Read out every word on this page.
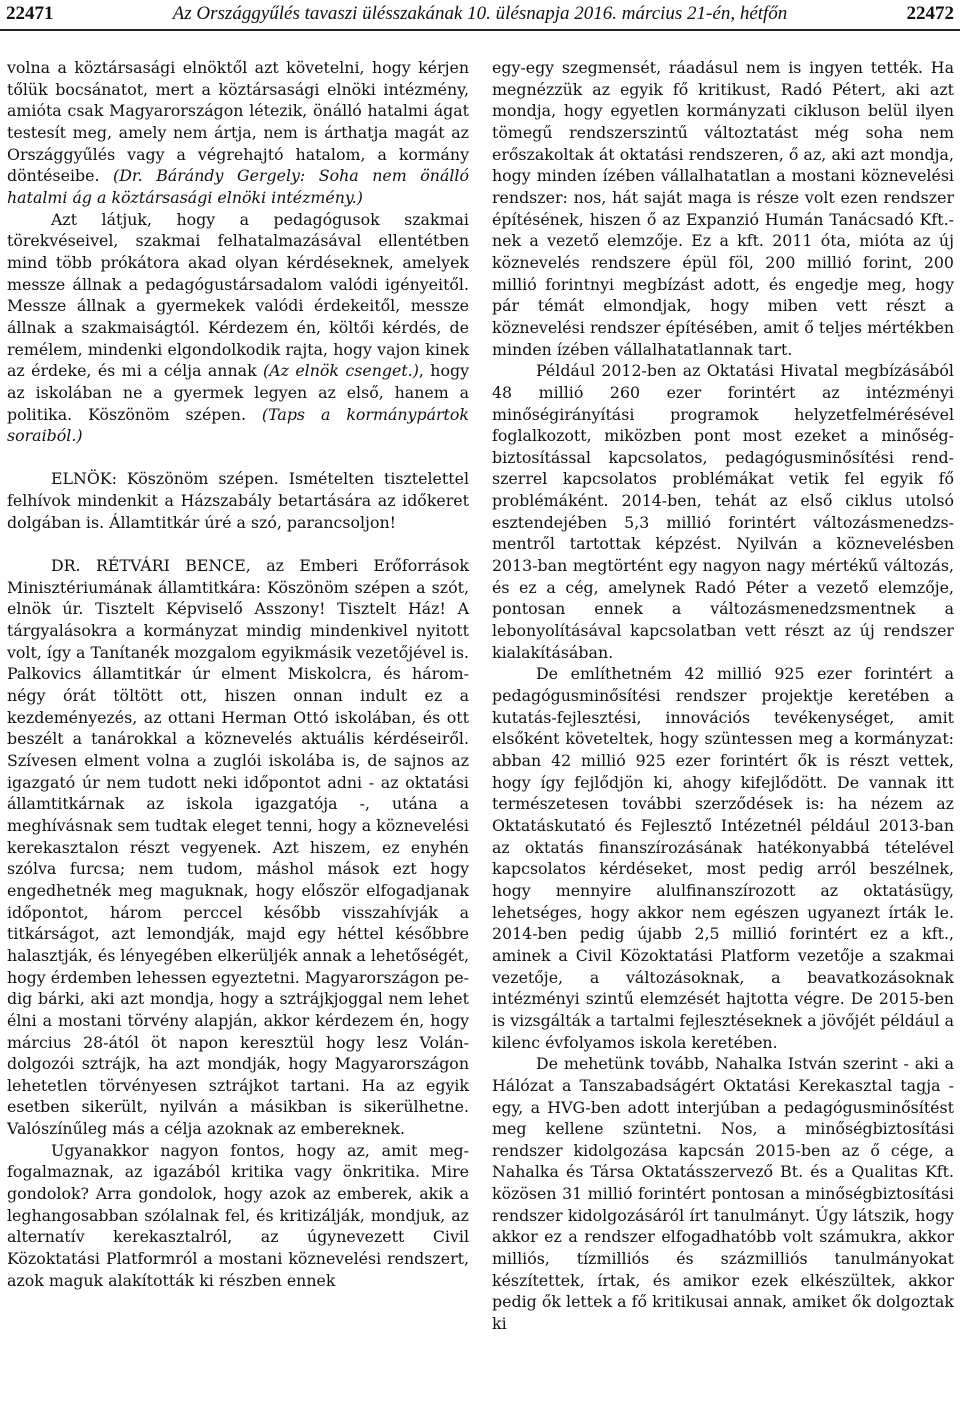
22471	Az Országgyűlés tavaszi ülésszakának 10. ülésnapja 2016. március 21-én, hétfőn	22472

volna a köztársasági elnöktől azt követelni, hogy kérjen tőlük bocsánatot, mert a köztársasági elnöki intézmény, amióta csak Magyarországon létezik, önálló hatalmi ágat testesít meg, amely nem ártja, nem is árthatja magát az Országgyűlés vagy a végrehajtó hatalom, a kormány döntéseibe. (Dr. Bárándy Gergely: Soha nem önálló hatalmi ág a köztársasági elnöki intézmény.)

Azt látjuk, hogy a pedagógusok szakmai törekvéseivel, szakmai felhatalmazásával ellentétben mind több prókátora akad olyan kérdéseknek, amelyek messze állnak a pedagógustársadalom valódi igényeitől. Messze állnak a gyermekek valódi érdekeitől, messze állnak a szakmaiságtól. Kérdezem én, költői kérdés, de remélem, mindenki elgondolkodik rajta, hogy vajon kinek az érdeke, és mi a célja annak (Az elnök csenget.), hogy az iskolában ne a gyermek legyen az első, hanem a politika. Köszönöm szépen. (Taps a kormánypártok soraiból.)

ELNÖK: Köszönöm szépen. Ismételten tisztelettel felhívok mindenkit a Házszabály betartására az időkeret dolgában is. Államtitkár úré a szó, parancsoljon!

DR. RÉTVÁRI BENCE, az Emberi Erőforrások Minisztériumának államtitkára: Köszönöm szépen a szót, elnök úr. Tisztelt Képviselő Asszony! Tisztelt Ház! A tárgyalásokra a kormányzat mindig mindenkivel nyitott volt, így a Tanítanék mozgalom egyikmásik vezetőjével is. Palkovics államtitkár úr elment Miskolcra, és három-négy órát töltött ott, hiszen onnan indult ez a kezdeményezés, az ottani Herman Ottó iskolában, és ott beszélt a tanárokkal a köznevelés aktuális kérdéseiről. Szívesen elment volna a zuglói iskolába is, de sajnos az igazgató úr nem tudott neki időpontot adni - az oktatási államtitkárnak az iskola igazgatója -, utána a meghívásnak sem tudtak eleget tenni, hogy a köznevelési kerekasztalon részt vegyenek. Azt hiszem, ez enyhén szólva furcsa; nem tudom, máshol mások ezt hogy engedhetnék meg maguknak, hogy először elfogadjanak időpontot, három perccel később visszahívják a titkárságot, azt lemondják, majd egy héttel későbbre halasztják, és lényegében elkerüljék annak a lehetőségét, hogy érdemben lehessen egyeztetni. Magyarországon pedig bárki, aki azt mondja, hogy a sztrájkjoggal nem lehet élni a mostani törvény alapján, akkor kérdezem én, hogy március 28-ától öt napon keresztül hogy lesz Volán-dolgozói sztrájk, ha azt mondják, hogy Magyarországon lehetetlen törvényesen sztrájkot tartani. Ha az egyik esetben sikerült, nyilván a másikban is sikerülhetne. Valószínűleg más a célja azoknak az embereknek.

Ugyanakkor nagyon fontos, hogy az, amit megfogalmaznak, az igazából kritika vagy önkritika. Mire gondolok? Arra gondolok, hogy azok az emberek, akik a leghangosabban szólalnak fel, és kritizálják, mondjuk, az alternatív kerekasztalról, az úgynevezett Civil Közoktatási Platformról a mostani köznevelési rendszert, azok maguk alakították ki részben ennek

egy-egy szegmensét, ráadásul nem is ingyen tették. Ha megnézzük az egyik fő kritikust, Radó Pétert, aki azt mondja, hogy egyetlen kormányzati cikluson belül ilyen tömegű rendszerszintű változtatást még soha nem erőszakoltak át oktatási rendszeren, ő az, aki azt mondja, hogy minden ízében vállalhatatlan a mostani köznevelési rendszer: nos, hát saját maga is része volt ezen rendszer építésének, hiszen ő az Expanzió Humán Tanácsadó Kft.-nek a vezető elemzője. Ez a kft. 2011 óta, mióta az új köznevelés rendszere épül föl, 200 millió forint, 200 millió forintnyi megbízást adott, és engedje meg, hogy pár témát elmondjak, hogy miben vett részt a köznevelési rendszer építésében, amit ő teljes mértékben minden ízében vállalhatatlannak tart.

Például 2012-ben az Oktatási Hivatal megbízásából 48 millió 260 ezer forintért az intézményi minőségirányítási programok helyzetfelmérésével foglalkozott, miközben pont most ezeket a minőségbiztosítással kapcsolatos, pedagógusminősítési rendszerrel kapcsolatos problémákat vetik fel egyik fő problémáként. 2014-ben, tehát az első ciklus utolsó esztendejében 5,3 millió forintért változásmenedzsmentről tartottak képzést. Nyilván a köznevelésben 2013-ban megtörtént egy nagyon nagy mértékű változás, és ez a cég, amelynek Radó Péter a vezető elemzője, pontosan ennek a változásmenedzsmentnek a lebonyolításával kapcsolatban vett részt az új rendszer kialakításában.

De említhetném 42 millió 925 ezer forintért a pedagógusminősítési rendszer projektje keretében a kutatás-fejlesztési, innovációs tevékenységet, amit elsőként követeltek, hogy szüntessen meg a kormányzat: abban 42 millió 925 ezer forintért ők is részt vettek, hogy így fejlődjön ki, ahogy kifejlődött. De vannak itt természetesen további szerződések is: ha nézem az Oktatáskutató és Fejlesztő Intézetnél például 2013-ban az oktatás finanszírozásának hatékonyabbá tételével kapcsolatos kérdéseket, most pedig arról beszélnek, hogy mennyire alulfinanszírozott az oktatásügy, lehetséges, hogy akkor nem egészen ugyanezt írták le. 2014-ben pedig újabb 2,5 millió forintért ez a kft., aminek a Civil Közoktatási Platform vezetője a szakmai vezetője, a változásoknak, a beavatkozásoknak intézményi szintű elemzését hajtotta végre. De 2015-ben is vizsgálták a tartalmi fejlesztéseknek a jövőjét például a kilenc évfolyamos iskola keretében.

De mehetünk tovább, Nahalka István szerint - aki a Hálózat a Tanszabadságért Oktatási Kerekasztal tagja - egy, a HVG-ben adott interjúban a pedagógusminősítést meg kellene szüntetni. Nos, a minőségbiztosítási rendszer kidolgozása kapcsán 2015-ben az ő cége, a Nahalka és Társa Oktatásszervező Bt. és a Qualitas Kft. közösen 31 millió forintért pontosan a minőségbiztosítási rendszer kidolgozásáról írt tanulmányt. Úgy látszik, hogy akkor ez a rendszer elfogadhatóbb volt számukra, akkor milliós, tízmilliós és százmilliós tanulmányokat készítettek, írtak, és amikor ezek elkészültek, akkor pedig ők lettek a fő kritikusai annak, amiket ők dolgoztak ki
